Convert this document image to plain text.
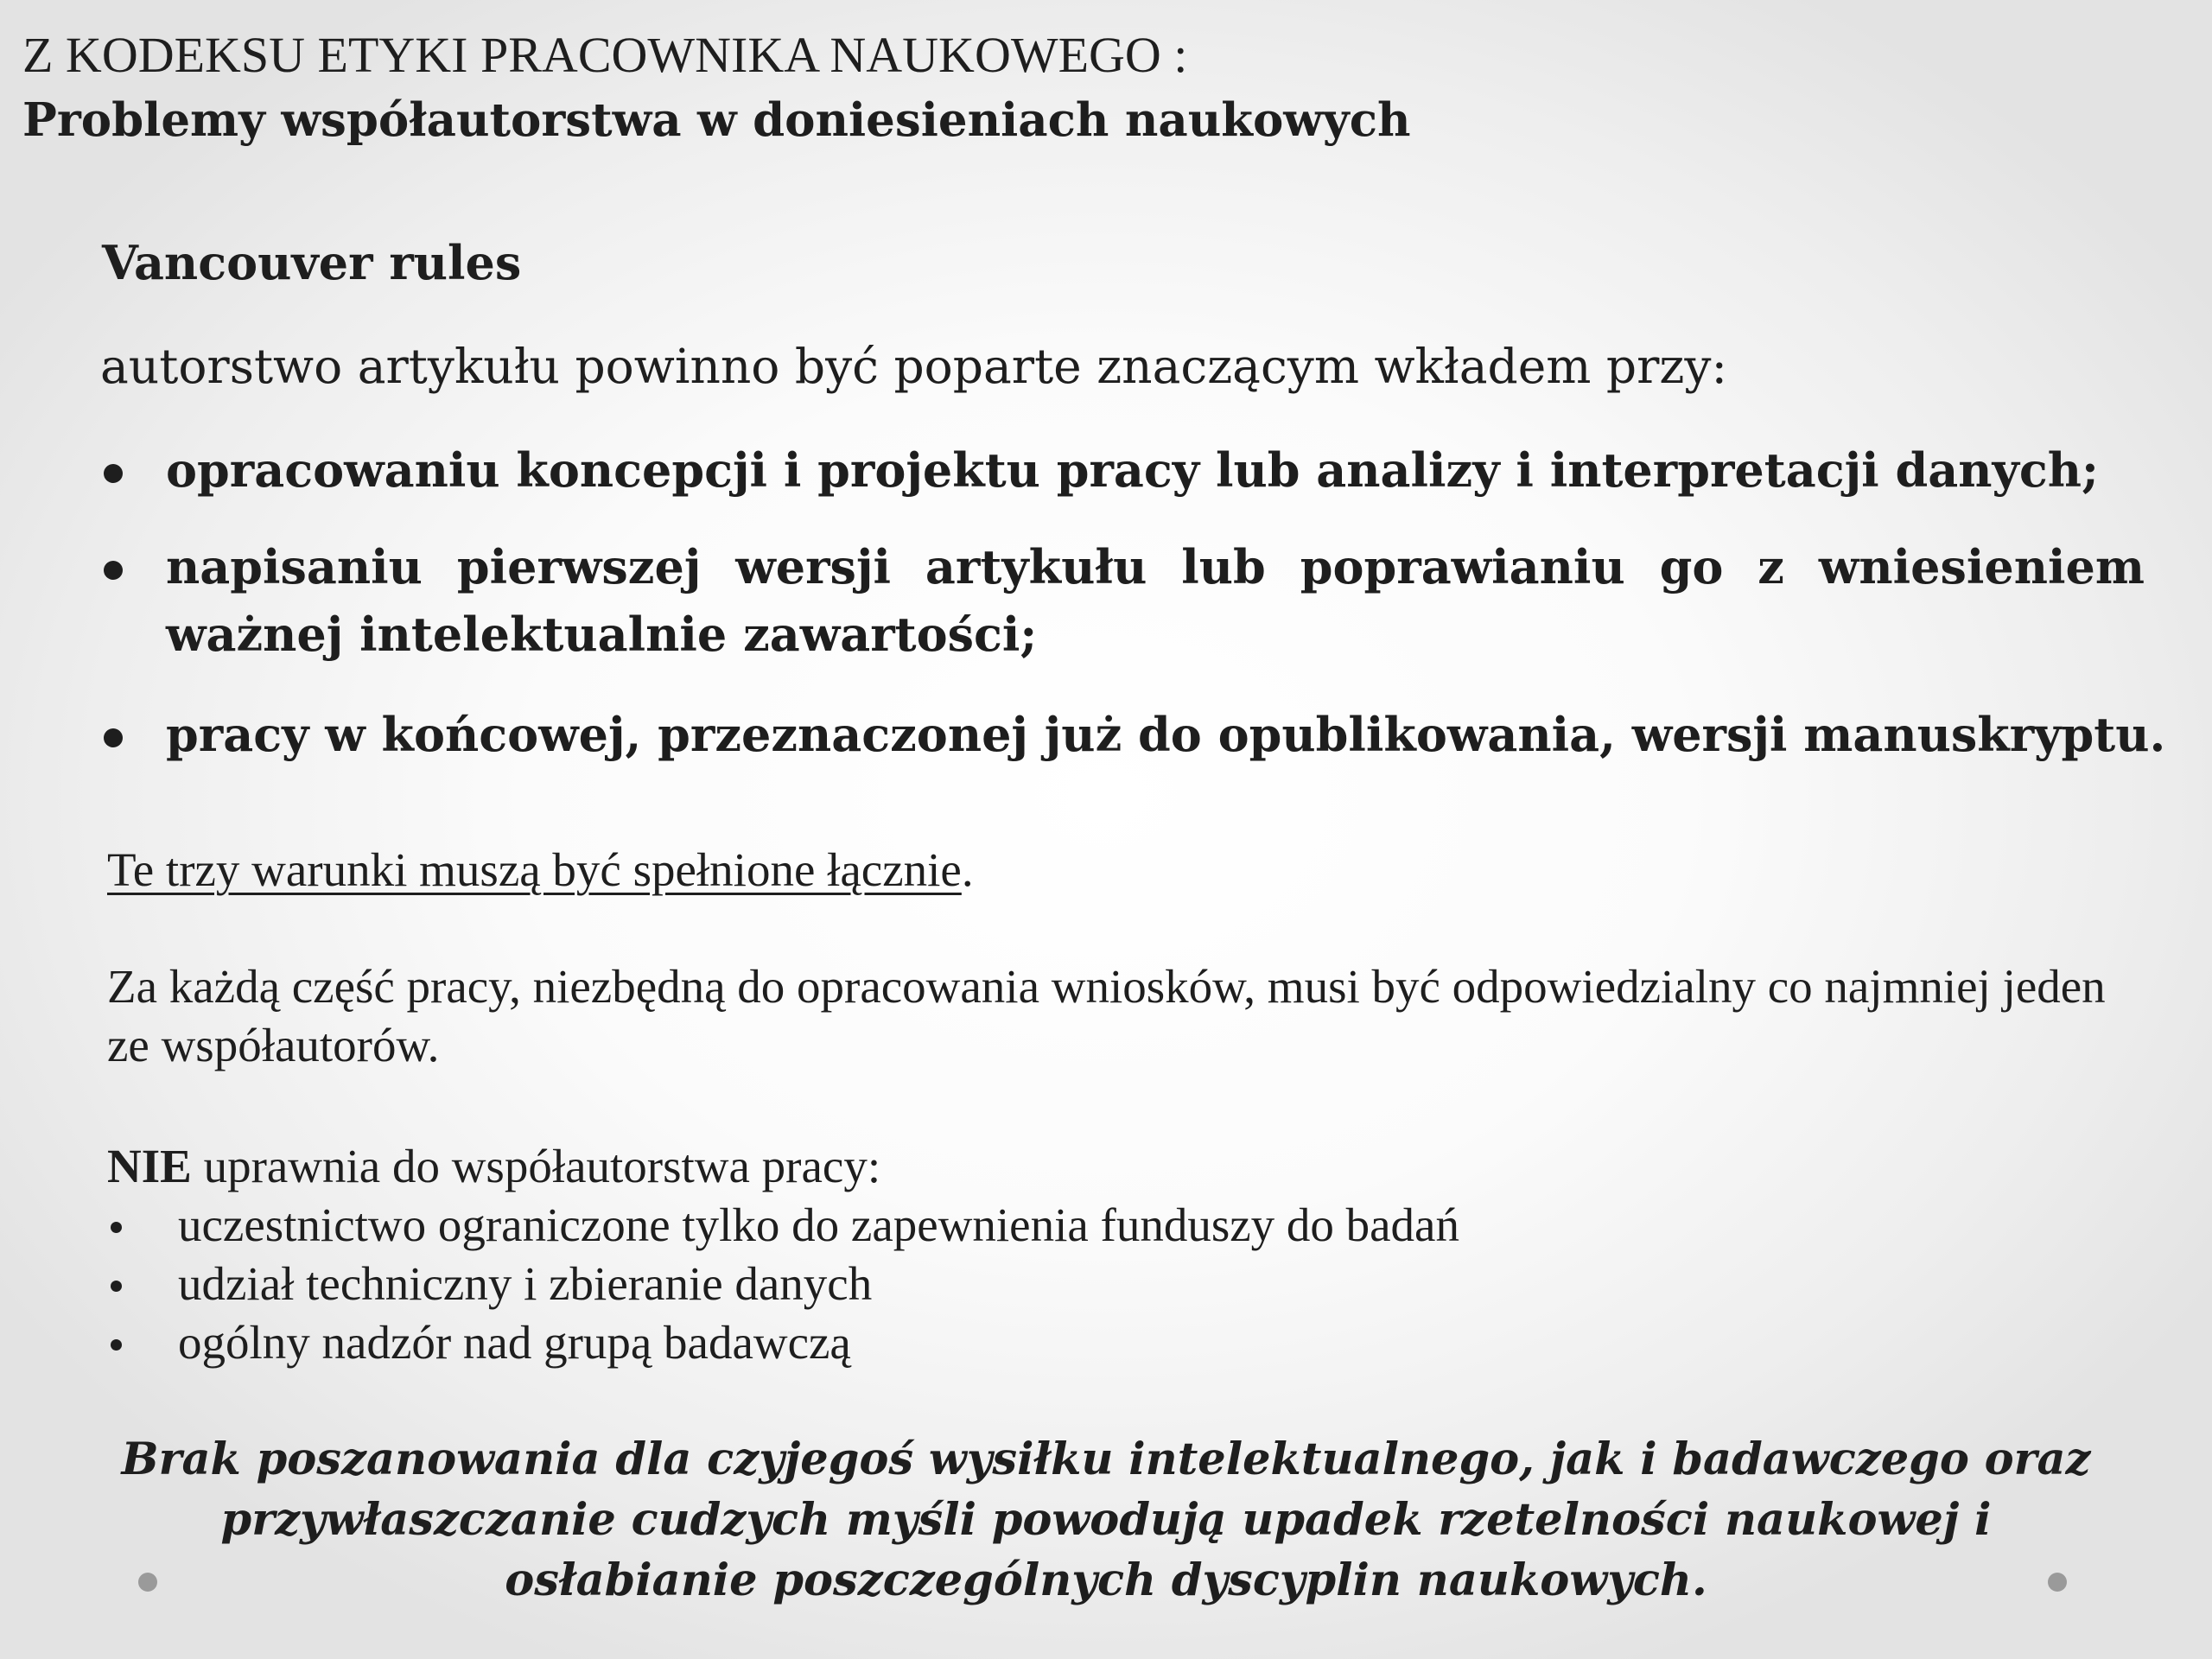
Z KODEKSU ETYKI PRACOWNIKA NAUKOWEGO :
Problemy współautorstwa w doniesieniach naukowych
Vancouver rules
autorstwo artykułu powinno być poparte znaczącym wkładem przy:
opracowaniu koncepcji i projektu pracy lub analizy i interpretacji danych;
napisaniu pierwszej wersji artykułu lub poprawianiu go z wniesieniem ważnej intelektualnie zawartości;
pracy w końcowej, przeznaczonej już do opublikowania, wersji manuskryptu.
Te trzy warunki muszą być spełnione łącznie.
Za każdą część pracy, niezbędną do opracowania wniosków, musi być odpowiedzialny co najmniej jeden ze współautorów.
NIE uprawnia do współautorstwa pracy:
uczestnictwo ograniczone tylko do zapewnienia funduszy do badań
udział techniczny i zbieranie danych
ogólny nadzór nad grupą badawczą
Brak poszanowania dla czyjegoś wysiłku intelektualnego, jak i badawczego oraz przywłaszczanie cudzych myśli powodują upadek rzetelności naukowej i osłabianie poszczególnych dyscyplin naukowych.
